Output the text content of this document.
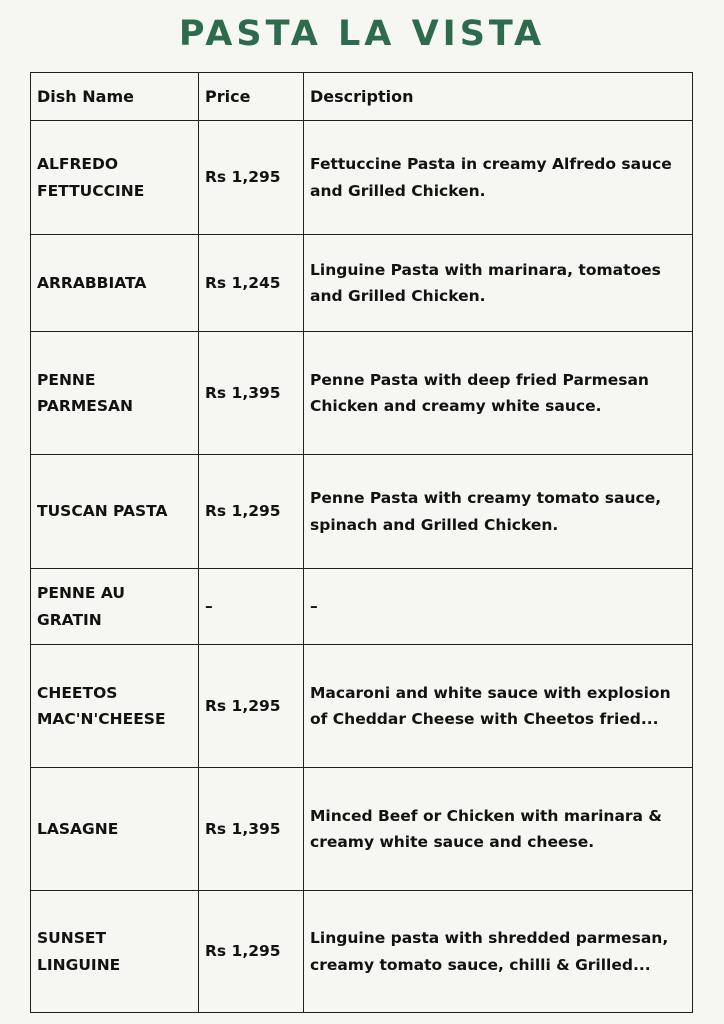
PASTA LA VISTA
Dish Name	Price	Description
ALFREDO FETTUCCINE	Rs 1,295	Fettuccine Pasta in creamy Alfredo sauce and Grilled Chicken.
ARRABBIATA	Rs 1,245	Linguine Pasta with marinara, tomatoes and Grilled Chicken.
PENNE PARMESAN	Rs 1,395	Penne Pasta with deep fried Parmesan Chicken and creamy white sauce.
TUSCAN PASTA	Rs 1,295	Penne Pasta with creamy tomato sauce, spinach and Grilled Chicken.
PENNE AU GRATIN	–	–
CHEETOS MAC'N'CHEESE	Rs 1,295	Macaroni and white sauce with explosion of Cheddar Cheese with Cheetos fried...
LASAGNE	Rs 1,395	Minced Beef or Chicken with marinara & creamy white sauce and cheese.
SUNSET LINGUINE	Rs 1,295	Linguine pasta with shredded parmesan, creamy tomato sauce, chilli & Grilled...
